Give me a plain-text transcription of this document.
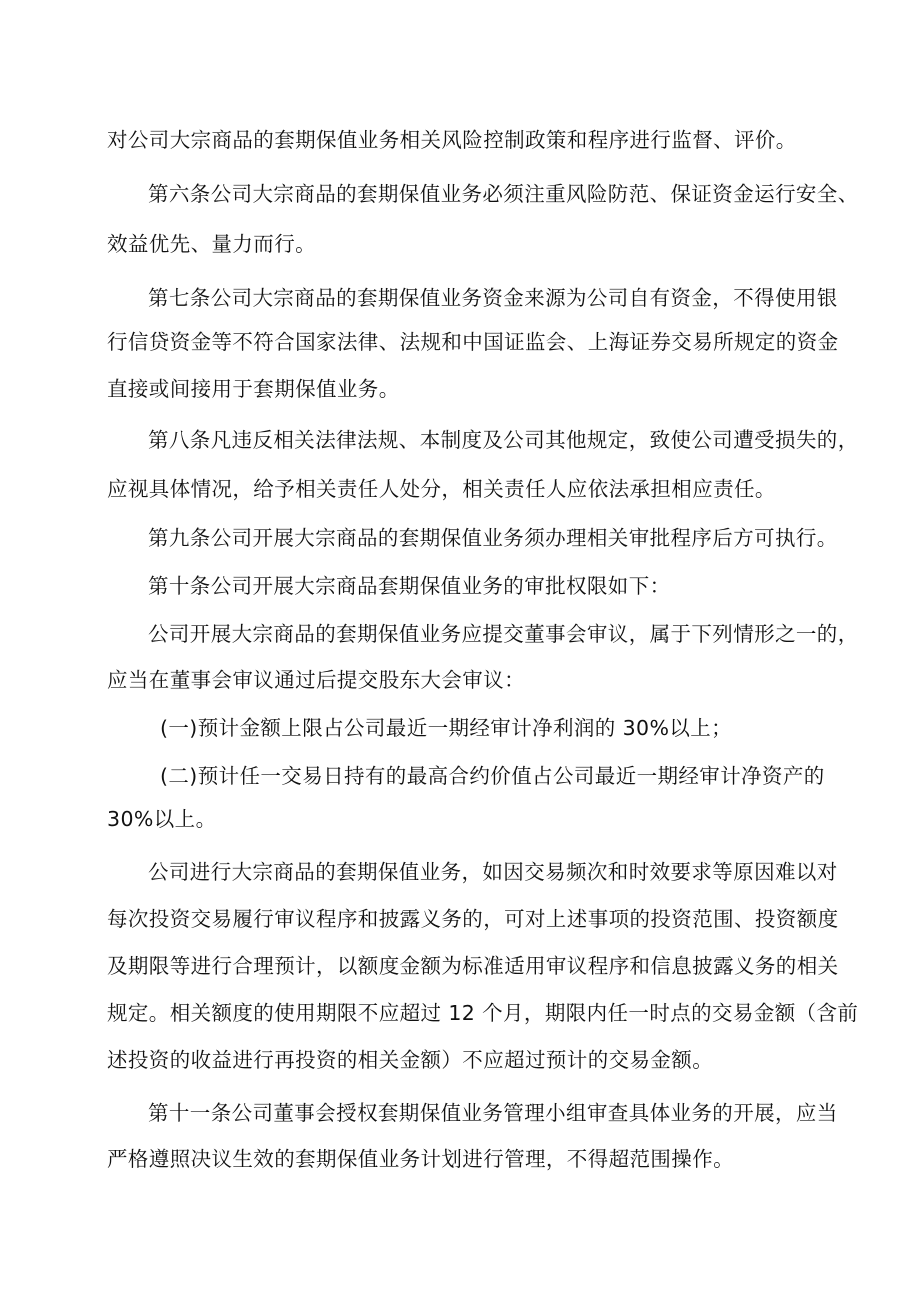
对公司大宗商品的套期保值业务相关风险控制政策和程序进行监督、评价。
第六条公司大宗商品的套期保值业务必须注重风险防范、保证资金运行安全、
效益优先、量力而行。
第七条公司大宗商品的套期保值业务资金来源为公司自有资金，不得使用银
行信贷资金等不符合国家法律、法规和中国证监会、上海证券交易所规定的资金
直接或间接用于套期保值业务。
第八条凡违反相关法律法规、本制度及公司其他规定，致使公司遭受损失的，
应视具体情况，给予相关责任人处分，相关责任人应依法承担相应责任。
第九条公司开展大宗商品的套期保值业务须办理相关审批程序后方可执行。
第十条公司开展大宗商品套期保值业务的审批权限如下：
公司开展大宗商品的套期保值业务应提交董事会审议，属于下列情形之一的，
应当在董事会审议通过后提交股东大会审议：
(一)预计金额上限占公司最近一期经审计净利润的 30%以上；
(二)预计任一交易日持有的最高合约价值占公司最近一期经审计净资产的
30%以上。
公司进行大宗商品的套期保值业务，如因交易频次和时效要求等原因难以对
每次投资交易履行审议程序和披露义务的，可对上述事项的投资范围、投资额度
及期限等进行合理预计，以额度金额为标准适用审议程序和信息披露义务的相关
规定。相关额度的使用期限不应超过 12 个月，期限内任一时点的交易金额（含前
述投资的收益进行再投资的相关金额）不应超过预计的交易金额。
第十一条公司董事会授权套期保值业务管理小组审查具体业务的开展，应当
严格遵照决议生效的套期保值业务计划进行管理，不得超范围操作。
